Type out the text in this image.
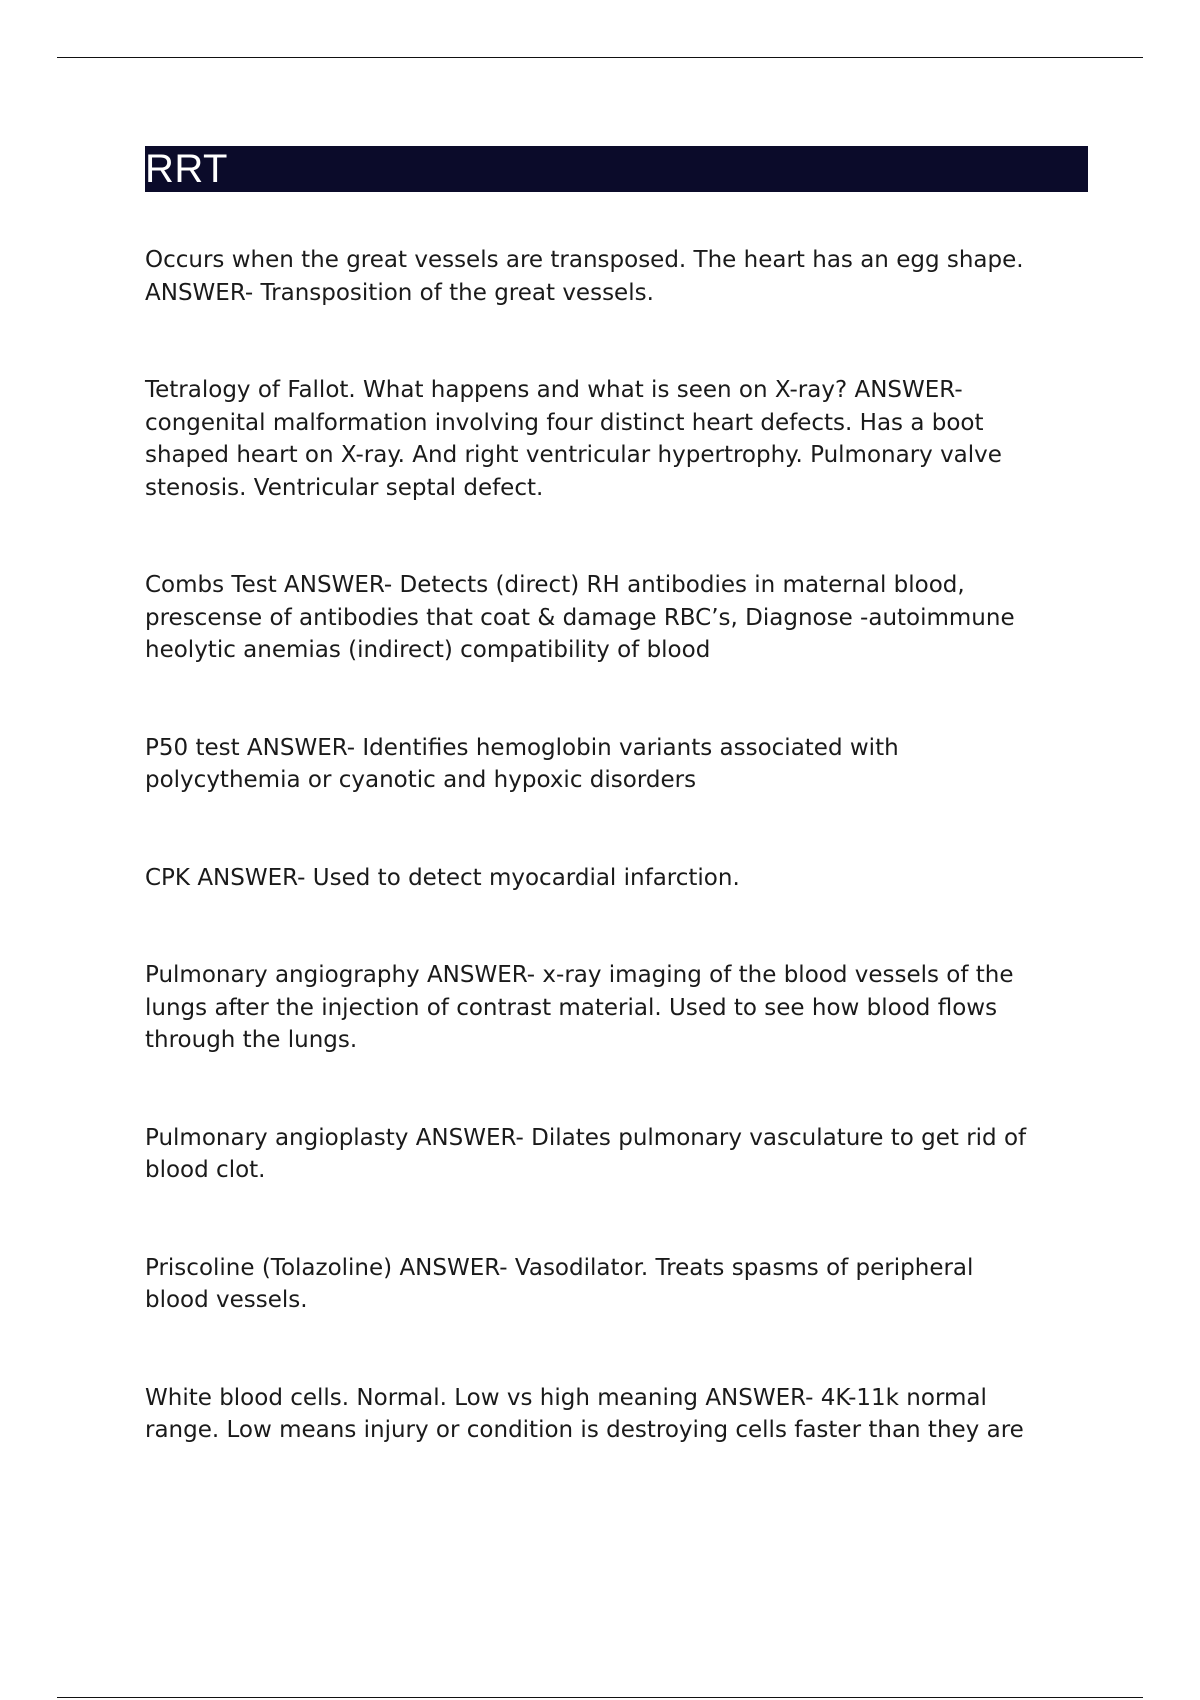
RRT

Occurs when the great vessels are transposed. The heart has an egg shape.
ANSWER- Transposition of the great vessels.

Tetralogy of Fallot. What happens and what is seen on X-ray? ANSWER-
congenital malformation involving four distinct heart defects. Has a boot
shaped heart on X-ray. And right ventricular hypertrophy. Pulmonary valve
stenosis. Ventricular septal defect.

Combs Test ANSWER- Detects (direct) RH antibodies in maternal blood,
prescense of antibodies that coat & damage RBC’s, Diagnose -autoimmune
heolytic anemias (indirect) compatibility of blood

P50 test ANSWER- Identifies hemoglobin variants associated with
polycythemia or cyanotic and hypoxic disorders

CPK ANSWER- Used to detect myocardial infarction.

Pulmonary angiography ANSWER- x-ray imaging of the blood vessels of the
lungs after the injection of contrast material. Used to see how blood flows
through the lungs.

Pulmonary angioplasty ANSWER- Dilates pulmonary vasculature to get rid of
blood clot.

Priscoline (Tolazoline) ANSWER- Vasodilator. Treats spasms of peripheral
blood vessels.

White blood cells. Normal. Low vs high meaning ANSWER- 4K-11k normal
range. Low means injury or condition is destroying cells faster than they are
